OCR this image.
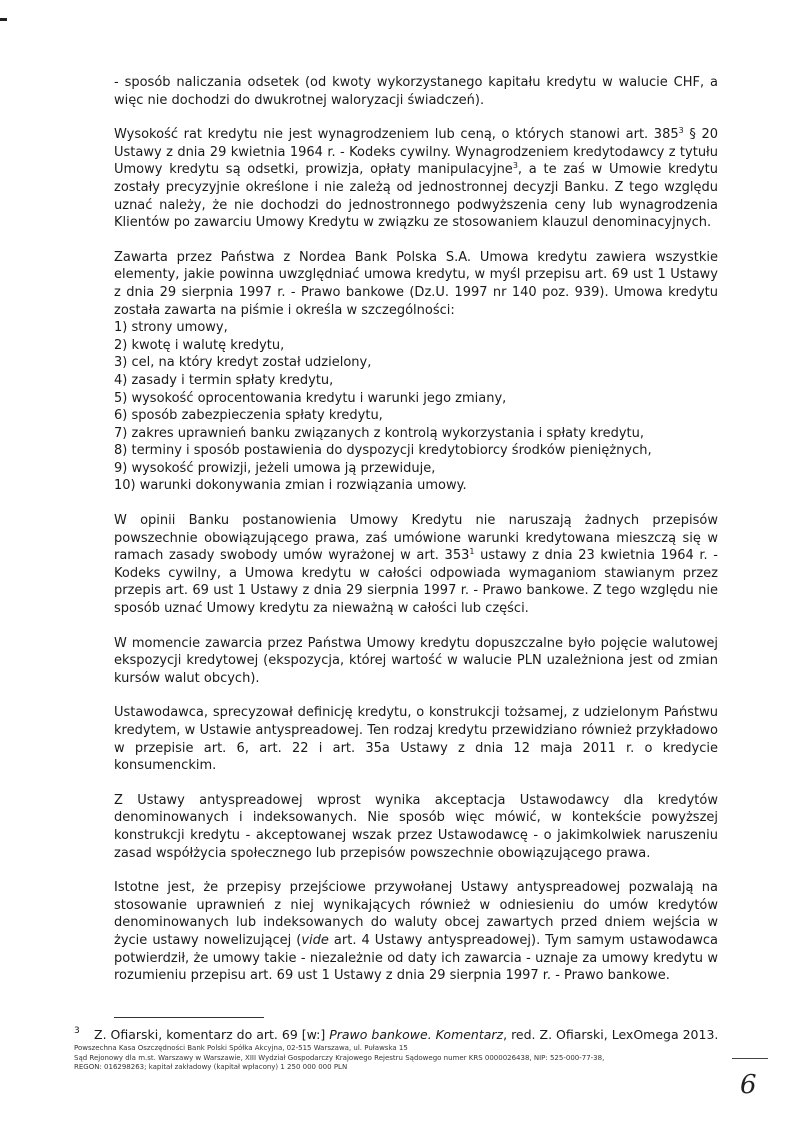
- sposób naliczania odsetek (od kwoty wykorzystanego kapitału kredytu w walucie CHF, a więc nie dochodzi do dwukrotnej waloryzacji świadczeń).

Wysokość rat kredytu nie jest wynagrodzeniem lub ceną, o których stanowi art. $385^3$ § 20 Ustawy z dnia 29 kwietnia 1964 r. - Kodeks cywilny. Wynagrodzeniem kredytodawcy z tytułu Umowy kredytu są odsetki, prowizja, opłaty manipulacyjne$^3$, a te zaś w Umowie kredytu zostały precyzyjnie określone i nie zależą od jednostronnej decyzji Banku. Z tego względu uznać należy, że nie dochodzi do jednostronnego podwyższenia ceny lub wynagrodzenia Klientów po zawarciu Umowy Kredytu w związku ze stosowaniem klauzul denominacyjnych.

Zawarta przez Państwa z Nordea Bank Polska S.A. Umowa kredytu zawiera wszystkie elementy, jakie powinna uwzględniać umowa kredytu, w myśl przepisu art. 69 ust 1 Ustawy z dnia 29 sierpnia 1997 r. - Prawo bankowe (Dz.U. 1997 nr 140 poz. 939). Umowa kredytu została zawarta na piśmie i określa w szczególności:

1) strony umowy,
2) kwotę i walutę kredytu,
3) cel, na który kredyt został udzielony,
4) zasady i termin spłaty kredytu,
5) wysokość oprocentowania kredytu i warunki jego zmiany,
6) sposób zabezpieczenia spłaty kredytu,
7) zakres uprawnień banku związanych z kontrolą wykorzystania i spłaty kredytu,
8) terminy i sposób postawienia do dyspozycji kredytobiorcy środków pieniężnych,
9) wysokość prowizji, jeżeli umowa ją przewiduje,
10) warunki dokonywania zmian i rozwiązania umowy.

W opinii Banku postanowienia Umowy Kredytu nie naruszają żadnych przepisów powszechnie obowiązującego prawa, zaś umówione warunki kredytowana mieszczą się w ramach zasady swobody umów wyrażonej w art. $353^1$ ustawy z dnia 23 kwietnia 1964 r. - Kodeks cywilny, a Umowa kredytu w całości odpowiada wymaganiom stawianym przez przepis art. 69 ust 1 Ustawy z dnia 29 sierpnia 1997 r. - Prawo bankowe. Z tego względu nie sposób uznać Umowy kredytu za nieważną w całości lub części.

W momencie zawarcia przez Państwa Umowy kredytu dopuszczalne było pojęcie walutowej ekspozycji kredytowej (ekspozycja, której wartość w walucie PLN uzależniona jest od zmian kursów walut obcych).

Ustawodawca, sprecyzował definicję kredytu, o konstrukcji tożsamej, z udzielonym Państwu kredytem, w Ustawie antyspreadowej. Ten rodzaj kredytu przewidziano również przykładowo w przepisie art. 6, art. 22 i art. 35a Ustawy z dnia 12 maja 2011 r. o kredycie konsumenckim.

Z Ustawy antyspreadowej wprost wynika akceptacja Ustawodawcy dla kredytów denominowanych i indeksowanych. Nie sposób więc mówić, w kontekście powyższej konstrukcji kredytu - akceptowanej wszak przez Ustawodawcę - o jakimkolwiek naruszeniu zasad współżycia społecznego lub przepisów powszechnie obowiązującego prawa.

Istotne jest, że przepisy przejściowe przywołanej Ustawy antyspreadowej pozwalają na stosowanie uprawnień z niej wynikających również w odniesieniu do umów kredytów denominowanych lub indeksowanych do waluty obcej zawartych przed dniem wejścia w życie ustawy nowelizującej (vide art. 4 Ustawy antyspreadowej). Tym samym ustawodawca potwierdził, że umowy takie - niezależnie od daty ich zawarcia - uznaje za umowy kredytu w rozumieniu przepisu art. 69 ust 1 Ustawy z dnia 29 sierpnia 1997 r. - Prawo bankowe.

3	Z. Ofiarski, komentarz do art. 69 [w:] Prawo bankowe. Komentarz, red. Z. Ofiarski, LexOmega 2013.
Powszechna Kasa Oszczędności Bank Polski Spółka Akcyjna, 02-515 Warszawa, ul. Puławska 15
Sąd Rejonowy dla m.st. Warszawy w Warszawie, XIII Wydział Gospodarczy Krajowego Rejestru Sądowego numer KRS 0000026438, NIP: 525-000-77-38,
REGON: 016298263; kapitał zakładowy (kapitał wpłacony) 1 250 000 000 PLN
6
